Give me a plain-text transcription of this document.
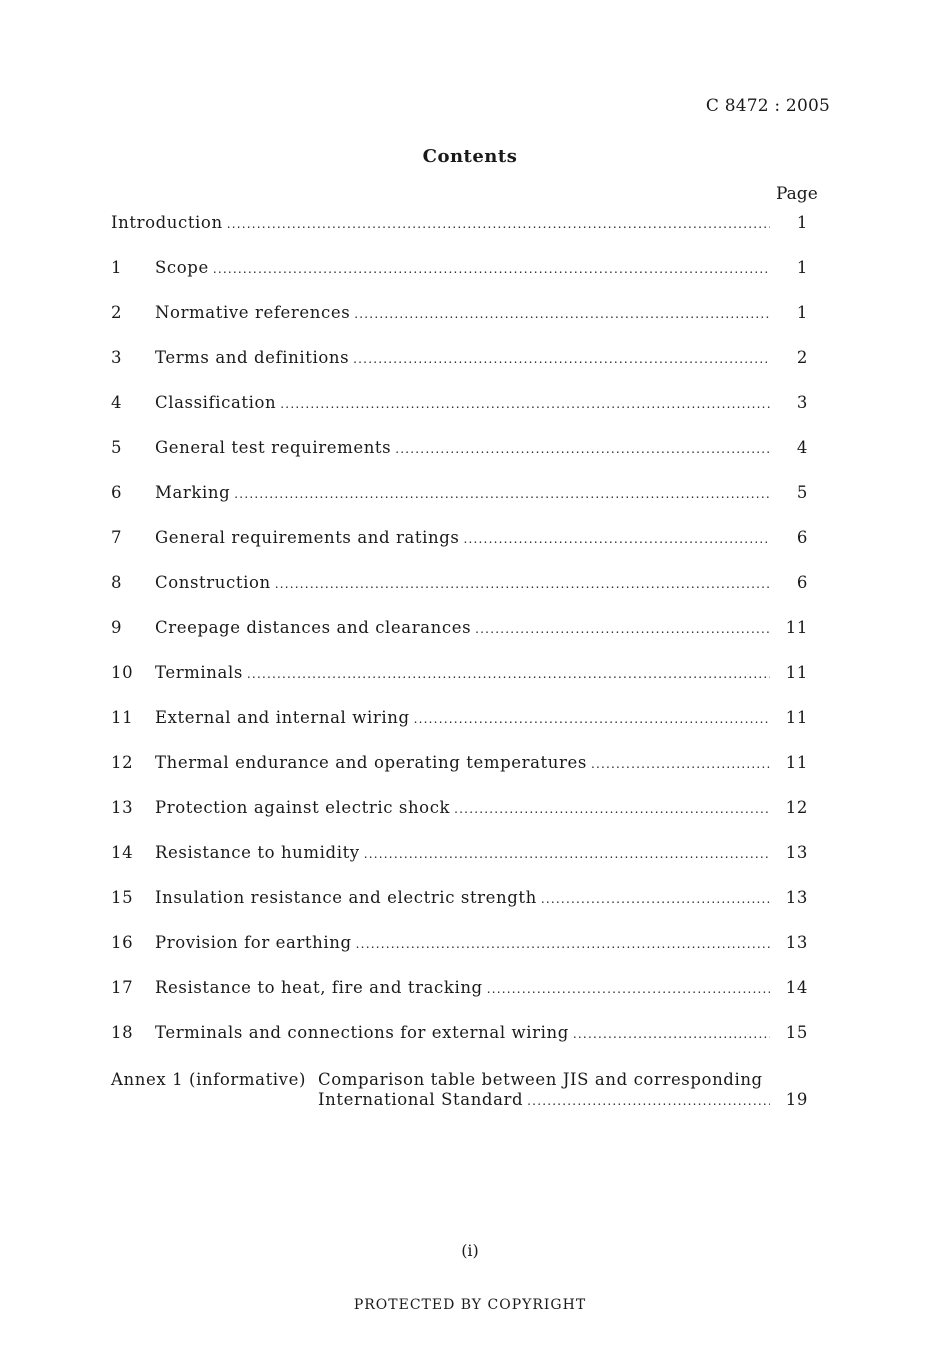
C 8472 : 2005
Contents
Page
Introduction .....	1
1 Scope .....	1
2 Normative references .....	1
3 Terms and definitions .....	2
4 Classification .....	3
5 General test requirements .....	4
6 Marking .....	5
7 General requirements and ratings .....	6
8 Construction .....	6
9 Creepage distances and clearances .....	11
10 Terminals .....	11
11 External and internal wiring .....	11
12 Thermal endurance and operating temperatures .....	11
13 Protection against electric shock .....	12
14 Resistance to humidity .....	13
15 Insulation resistance and electric strength .....	13
16 Provision for earthing .....	13
17 Resistance to heat, fire and tracking .....	14
18 Terminals and connections for external wiring .....	15
Annex 1 (informative) Comparison table between JIS and corresponding
International Standard .....	19
(i)
PROTECTED BY COPYRIGHT
